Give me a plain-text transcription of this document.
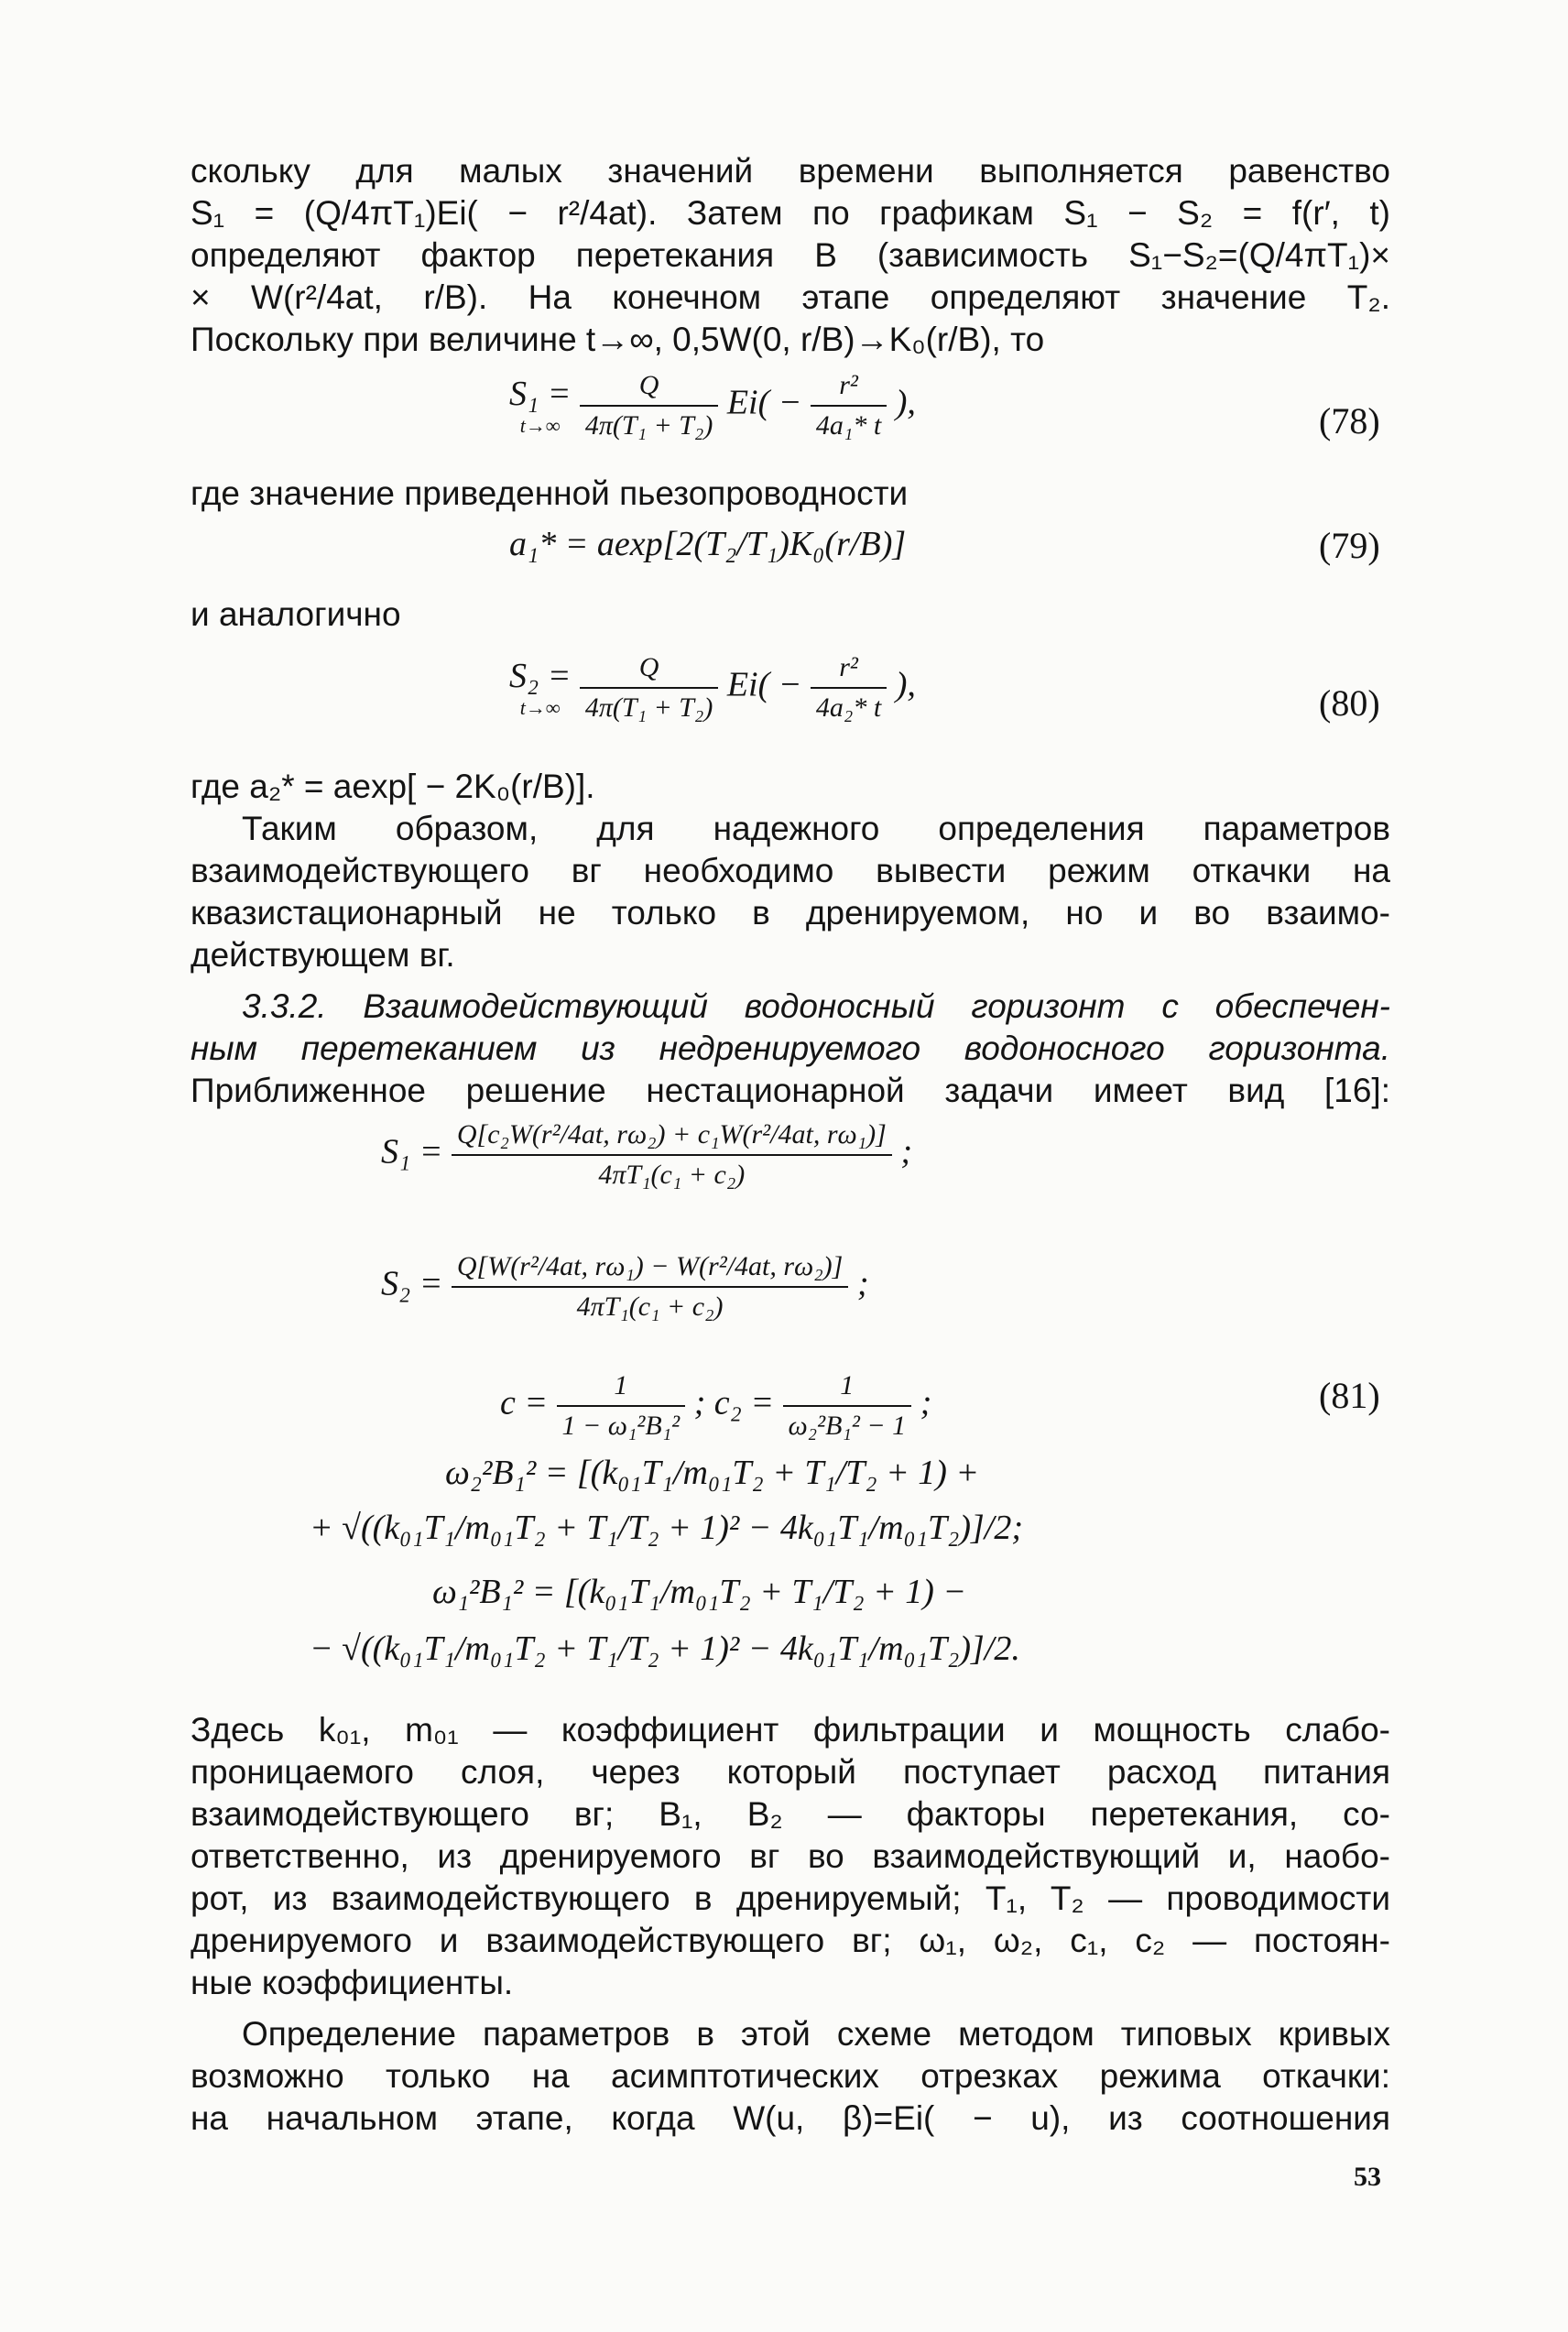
скольку для малых значений времени выполняется равенство
S₁ = (Q/4πT₁)Ei( − r²/4at). Затем по графикам S₁ − S₂ = f(r′, t)
определяют фактор перетекания B (зависимость S₁−S₂=(Q/4πT₁)×
× W(r²/4at, r/B). На конечном этапе определяют значение T₂.
Поскольку при величине t→∞, 0,5W(0, r/B)→K₀(r/B), то
S₁ =
t→∞
$\frac{Q}{\text{4π(T₁ + T₂)}} Ei( - \frac{\text{r²}}{\text{4a₁* t}}$ ),	(78)
где значение приведенной пьезопроводности
a₁* = aexp[2(T₂/T₁)K₀(r/B)]	(79)
и аналогично
S₂ =
t→∞
$\frac{Q}{\text{4π(T₁ + T₂)}} Ei( - \frac{\text{r²}}{\text{4a₂* t}}$ ),	(80)
где a₂* = aexp[ − 2K₀(r/B)].
Таким образом, для надежного определения параметров
взаимодействующего вг необходимо вывести режим откачки на
квазистационарный не только в дренируемом, но и во взаимо-
действующем вг.
3.3.2. Взаимодействующий водоносный горизонт с обеспечен-
ным перетеканием из недренируемого водоносного горизонта.
Приближенное решение нестационарной задачи имеет вид [16]:
$S_1 = \frac{\text{Q[c₂W(r²/4at, rω₂) + c₁W(r²/4at, rω₁)]}}{\text{4πT₁(c₁ + c₂)}}$ ;
$S_2 = \frac{\text{Q[W(r²/4at, rω₁) − W(r²/4at, rω₂)]}}{\text{4πT₁(c₁ + c₂)}}$ ;
$c = \frac{1}{\text{1 − ω₁²B₁²}}$ ; $c_2 = \frac{1}{\text{ω₂²B₁² − 1}}$ ;	(81)
ω₂²B₁² = [(k₀₁T₁/m₀₁T₂ + T₁/T₂ + 1) +
+ √((k₀₁T₁/m₀₁T₂ + T₁/T₂ + 1)² − 4k₀₁T₁/m₀₁T₂)]/2;
ω₁²B₁² = [(k₀₁T₁/m₀₁T₂ + T₁/T₂ + 1) −
− √((k₀₁T₁/m₀₁T₂ + T₁/T₂ + 1)² − 4k₀₁T₁/m₀₁T₂)]/2.
Здесь k₀₁, m₀₁ — коэффициент фильтрации и мощность слабо-
проницаемого слоя, через который поступает расход питания
взаимодействующего вг; B₁, B₂ — факторы перетекания, со-
ответственно, из дренируемого вг во взаимодействующий и, наобо-
рот, из взаимодействующего в дренируемый; T₁, T₂ — проводимости
дренируемого и взаимодействующего вг; ω₁, ω₂, c₁, c₂ — постоян-
ные коэффициенты.
Определение параметров в этой схеме методом типовых кривых
возможно только на асимптотических отрезках режима откачки:
на начальном этапе, когда W(u, β)=Ei( − u), из соотношения
53
